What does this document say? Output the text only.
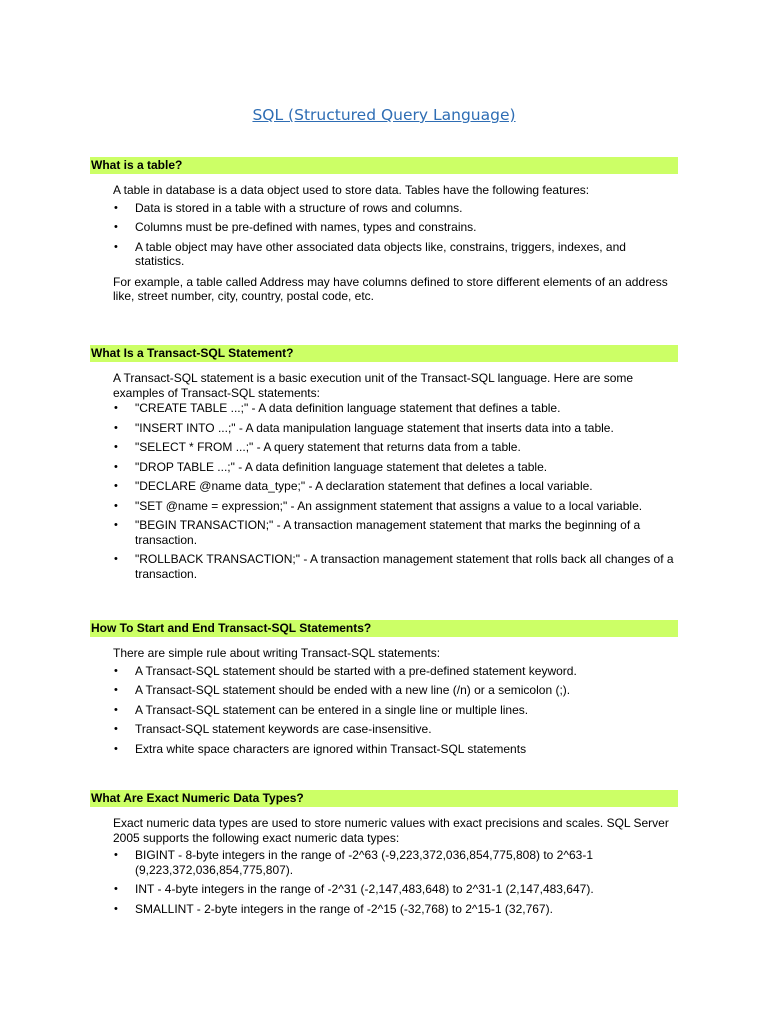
SQL (Structured Query Language)
What is a table?

A table in database is a data object used to store data. Tables have the following features:

• Data is stored in a table with a structure of rows and columns.
• Columns must be pre-defined with names, types and constrains.
• A table object may have other associated data objects like, constrains, triggers, indexes, and statistics.

For example, a table called Address may have columns defined to store different elements of an address like, street number, city, country, postal code, etc.

What Is a Transact-SQL Statement?

A Transact-SQL statement is a basic execution unit of the Transact-SQL language. Here are some examples of Transact-SQL statements:

• "CREATE TABLE ...;" - A data definition language statement that defines a table.
• "INSERT INTO ...;" - A data manipulation language statement that inserts data into a table.
• "SELECT * FROM ...;" - A query statement that returns data from a table.
• "DROP TABLE ...;" - A data definition language statement that deletes a table.
• "DECLARE @name data_type;" - A declaration statement that defines a local variable.
• "SET @name = expression;" - An assignment statement that assigns a value to a local variable.
• "BEGIN TRANSACTION;" - A transaction management statement that marks the beginning of a transaction.
• "ROLLBACK TRANSACTION;" - A transaction management statement that rolls back all changes of a transaction.
How To Start and End Transact-SQL Statements?

There are simple rule about writing Transact-SQL statements:

• A Transact-SQL statement should be started with a pre-defined statement keyword.
• A Transact-SQL statement should be ended with a new line (/n) or a semicolon (;).
• A Transact-SQL statement can be entered in a single line or multiple lines.
• Transact-SQL statement keywords are case-insensitive.
• Extra white space characters are ignored within Transact-SQL statements
What Are Exact Numeric Data Types?

Exact numeric data types are used to store numeric values with exact precisions and scales. SQL Server 2005 supports the following exact numeric data types:

• BIGINT - 8-byte integers in the range of -2^63 (-9,223,372,036,854,775,808) to 2^63-1 (9,223,372,036,854,775,807).
• INT - 4-byte integers in the range of -2^31 (-2,147,483,648) to 2^31-1 (2,147,483,647).
• SMALLINT - 2-byte integers in the range of -2^15 (-32,768) to 2^15-1 (32,767).
